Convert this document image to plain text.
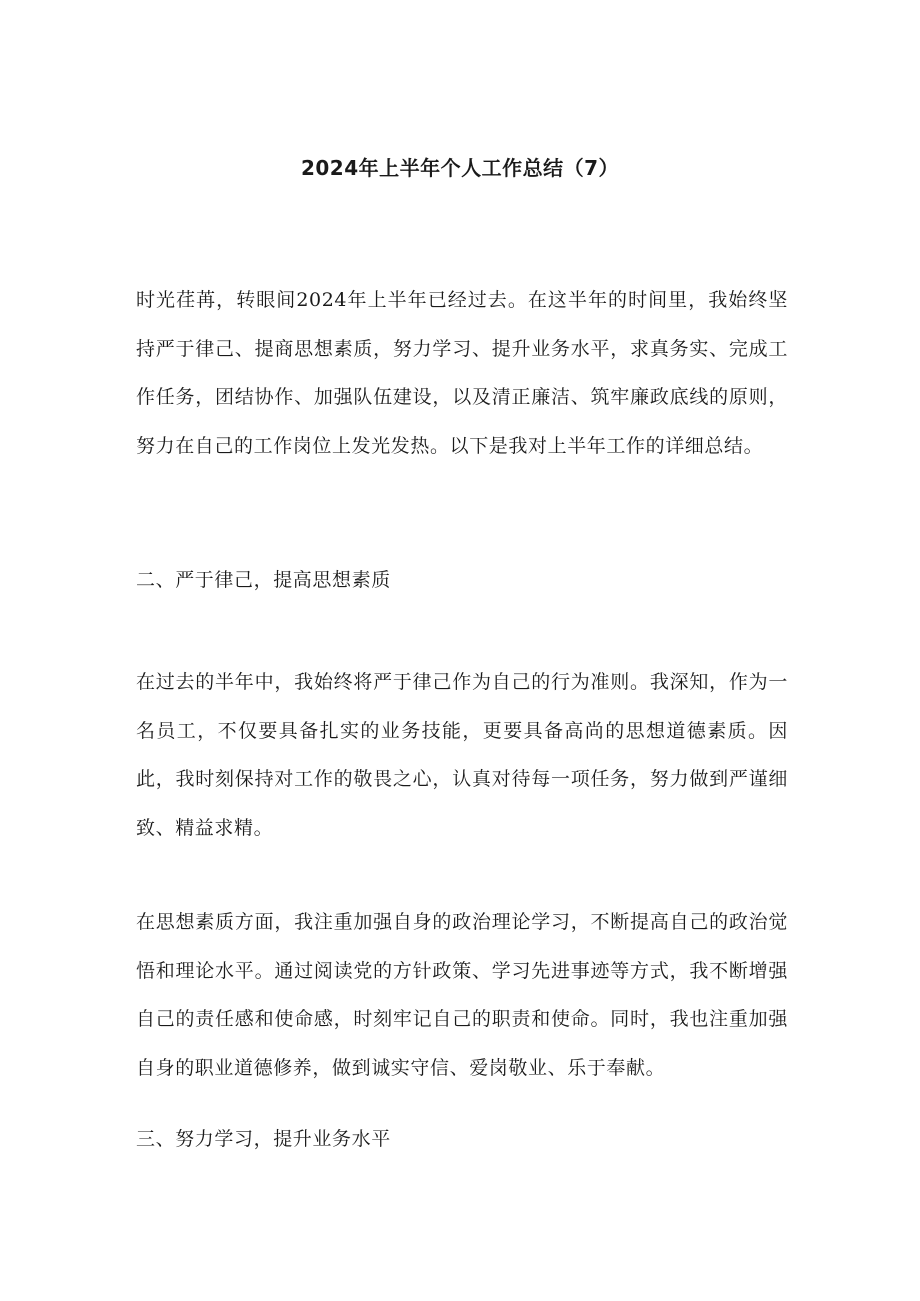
2024年上半年个人工作总结（7）

时光荏苒，转眼间2024年上半年已经过去。在这半年的时间里，我始终坚持严于律己、提商思想素质，努力学习、提升业务水平，求真务实、完成工作任务，团结协作、加强队伍建设，以及清正廉洁、筑牢廉政底线的原则，努力在自己的工作岗位上发光发热。以下是我对上半年工作的详细总结。

二、严于律己，提高思想素质

在过去的半年中，我始终将严于律己作为自己的行为准则。我深知，作为一名员工，不仅要具备扎实的业务技能，更要具备高尚的思想道德素质。因此，我时刻保持对工作的敬畏之心，认真对待每一项任务，努力做到严谨细致、精益求精。

在思想素质方面，我注重加强自身的政治理论学习，不断提高自己的政治觉悟和理论水平。通过阅读党的方针政策、学习先进事迹等方式，我不断增强自己的责任感和使命感，时刻牢记自己的职责和使命。同时，我也注重加强自身的职业道德修养，做到诚实守信、爱岗敬业、乐于奉献。

三、努力学习，提升业务水平
